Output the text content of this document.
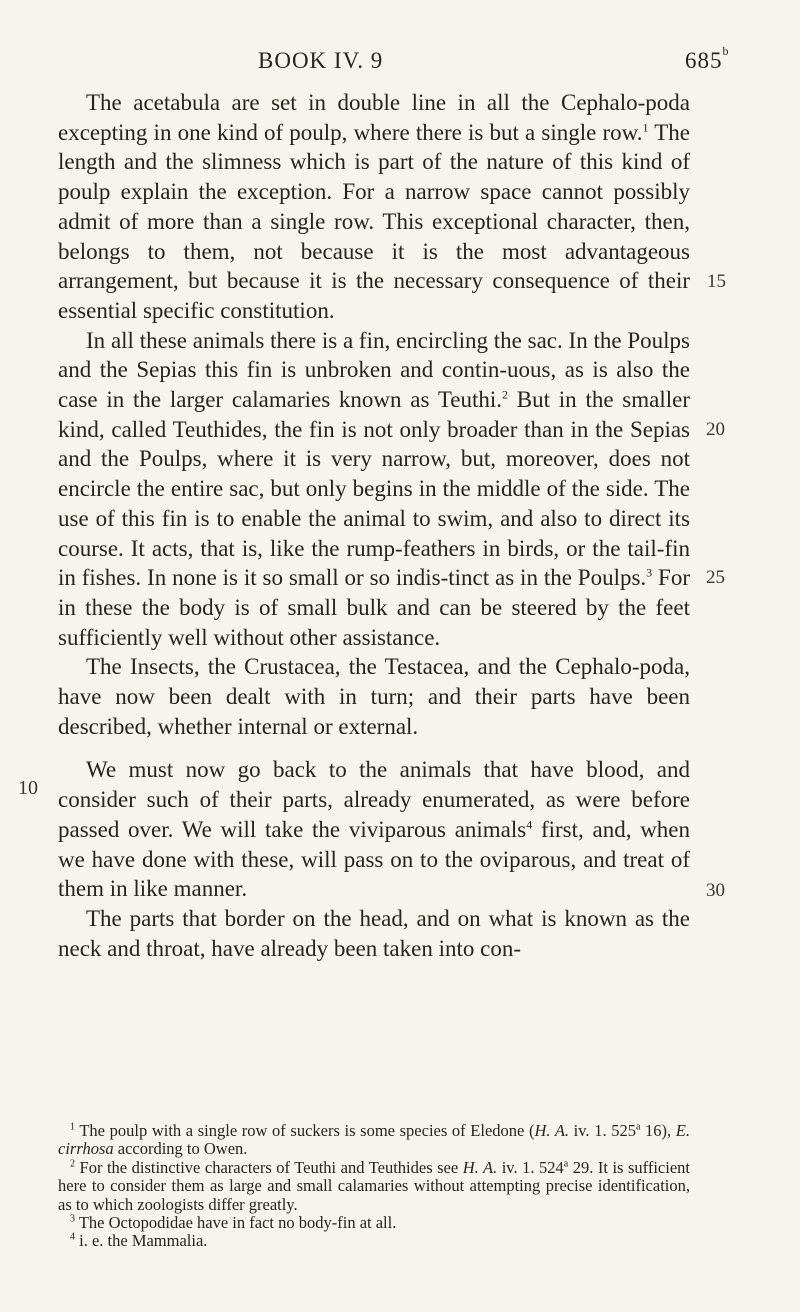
BOOK IV. 9	685$^b$

The acetabula are set in double line in all the Cephalo-poda excepting in one kind of poulp, where there is but a single row.$^1$ The length and the slimness which is part of the nature of this kind of poulp explain the exception. For a narrow space cannot possibly admit of more than a single row. This exceptional character, then, belongs to them, not because it is the most advantageous arrangement, but because it is the necessary consequence of their essential specific constitution.

In all these animals there is a fin, encircling the sac. In the Poulps and the Sepias this fin is unbroken and contin-uous, as is also the case in the larger calamaries known as Teuthi.$^2$ But in the smaller kind, called Teuthides, the fin is not only broader than in the Sepias and the Poulps, where it is very narrow, but, moreover, does not encircle the entire sac, but only begins in the middle of the side. The use of this fin is to enable the animal to swim, and also to direct its course. It acts, that is, like the rump-feathers in birds, or the tail-fin in fishes. In none is it so small or so indis-tinct as in the Poulps.$^3$ For in these the body is of small bulk and can be steered by the feet sufficiently well without other assistance.

The Insects, the Crustacea, the Testacea, and the Cephalo-poda, have now been dealt with in turn; and their parts have been described, whether internal or external.

We must now go back to the animals that have blood, and consider such of their parts, already enumerated, as were before passed over. We will take the viviparous animals$^4$ first, and, when we have done with these, will pass on to the oviparous, and treat of them in like manner.

The parts that border on the head, and on what is known as the neck and throat, have already been taken into con-

15
20
25
30
10

$^1$ The poulp with a single row of suckers is some species of Eledone (H. A. iv. 1. 525$^a$ 16), E. cirrhosa according to Owen.

$^2$ For the distinctive characters of Teuthi and Teuthides see H. A. iv. 1. 524$^a$ 29. It is sufficient here to consider them as large and small calamaries without attempting precise identification, as to which zoologists differ greatly.

$^3$ The Octopodidae have in fact no body-fin at all.

$^4$ i. e. the Mammalia.
